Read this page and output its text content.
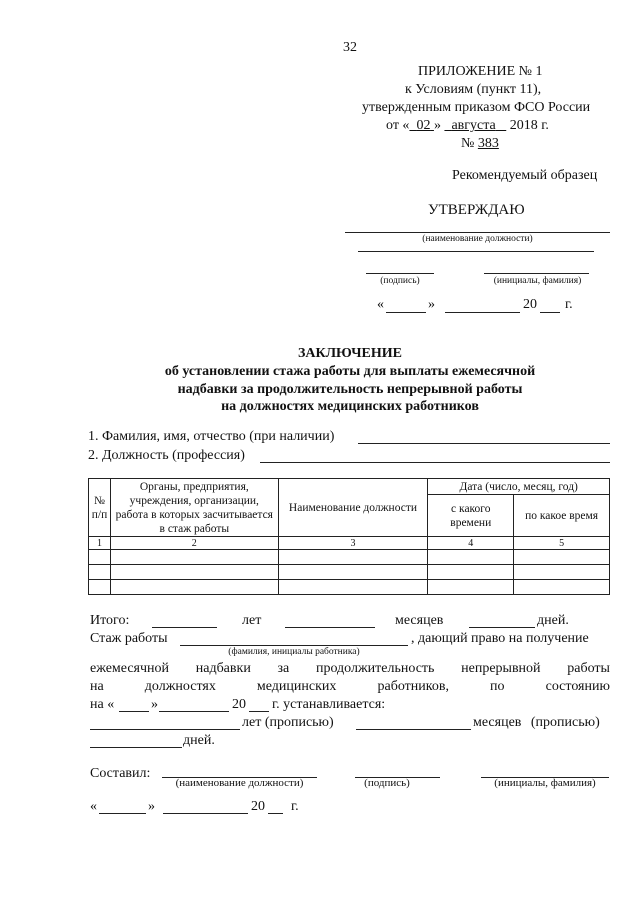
32
ПРИЛОЖЕНИЕ № 1
к Условиям (пункт 11),
утвержденным приказом ФСО России
от « 02 » августа 2018 г.
№ 383
Рекомендуемый образец
УТВЕРЖДАЮ
(наименование должности)
(подпись)	(инициалы, фамилия)
«	»	20 г.
ЗАКЛЮЧЕНИЕ
об установлении стажа работы для выплаты ежемесячной
надбавки за продолжительность непрерывной работы
на должностях медицинских работников
1. Фамилия, имя, отчество (при наличии)
2. Должность (профессия)
№ п/п	Органы, предприятия, учреждения, организации, работа в которых засчитывается в стаж работы	Наименование должности	Дата (число, месяц, год)	
			с какого времени	по какое время
1	2	3	4	5

Итого:	лет	месяцев	дней.
Стаж работы	, дающий право на получение
(фамилия, инициалы работника)
ежемесячной надбавки за продолжительность непрерывной работы
на	должностях	медицинских	работников,	по	состоянию
на «	»	20 г. устанавливается:
лет (прописью)	месяцев (прописью)
дней.
Составил:
(наименование должности)	(подпись)	(инициалы, фамилия)
«	»	20 г.
